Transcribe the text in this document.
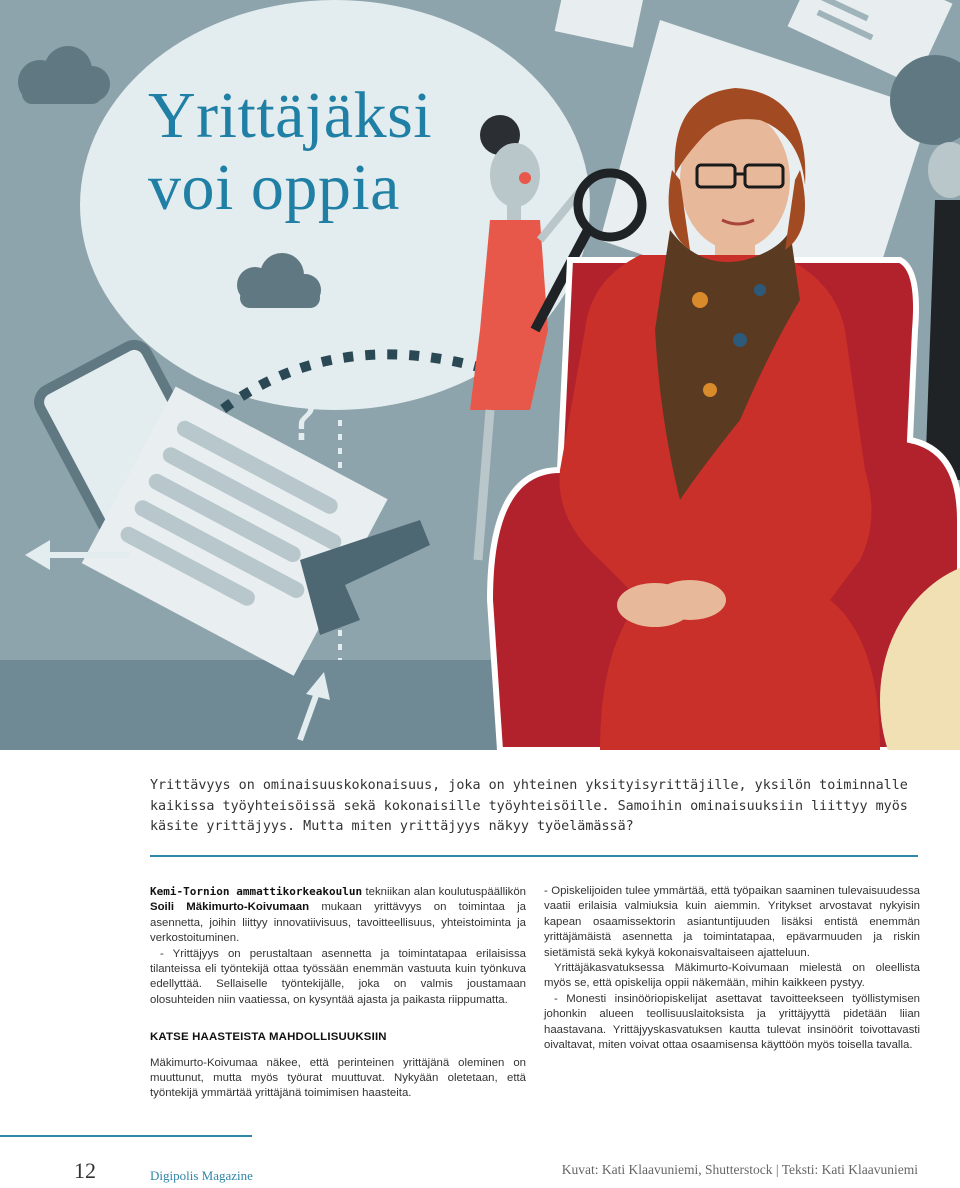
?
Yrittäjäksi
voi oppia

Yrittävyys on ominaisuuskokonaisuus, joka on yhteinen yksityisyrittäjille, yksilön toiminnalle kaikissa työyhteisöissä sekä kokonaisille työyhteisöille. Samoihin ominaisuuksiin liittyy myös käsite yrittäjyys. Mutta miten yrittäjyys näkyy työelämässä?

Kemi-Tornion ammattikorkeakoulun tekniikan alan koulutuspäällikön Soili Mäkimurto-Koivumaan mukaan yrittävyys on toimintaa ja asennetta, joihin liittyy innovatiivisuus, tavoitteellisuus, yhteistoiminta ja verkostoituminen.

- Yrittäjyys on perustaltaan asennetta ja toimintatapaa erilaisissa tilanteissa eli työntekijä ottaa työssään enemmän vastuuta kuin työnkuva edellyttää. Sellaiselle työntekijälle, joka on valmis joustamaan olosuhteiden niin vaatiessa, on kysyntää ajasta ja paikasta riippumatta.

KATSE HAASTEISTA MAHDOLLISUUKSIIN

Mäkimurto-Koivumaa näkee, että perinteinen yrittäjänä oleminen on muuttunut, mutta myös työurat muuttuvat. Nykyään oletetaan, että työntekijä ymmärtää yrittäjänä toimimisen haasteita.

- Opiskelijoiden tulee ymmärtää, että työpaikan saaminen tulevaisuudessa vaatii erilaisia valmiuksia kuin aiemmin. Yritykset arvostavat nykyisin kapean osaamissektorin asiantuntijuuden lisäksi entistä enemmän yrittäjämäistä asennetta ja toimintatapaa, epävarmuuden ja riskin sietämistä sekä kykyä kokonaisvaltaiseen ajatteluun.

Yrittäjäkasvatuksessa Mäkimurto-Koivumaan mielestä on oleellista myös se, että opiskelija oppii näkemään, mihin kaikkeen pystyy.

- Monesti insinööriopiskelijat asettavat tavoitteekseen työllistymisen johonkin alueen teollisuuslaitoksista ja yrittäjyyttä pidetään liian haastavana. Yrittäjyyskasvatuksen kautta tulevat insinöörit toivottavasti oivaltavat, miten voivat ottaa osaamisensa käyttöön myös toisella tavalla.

12	Digipolis Magazine	Kuvat: Kati Klaavuniemi, Shutterstock | Teksti: Kati Klaavuniemi
